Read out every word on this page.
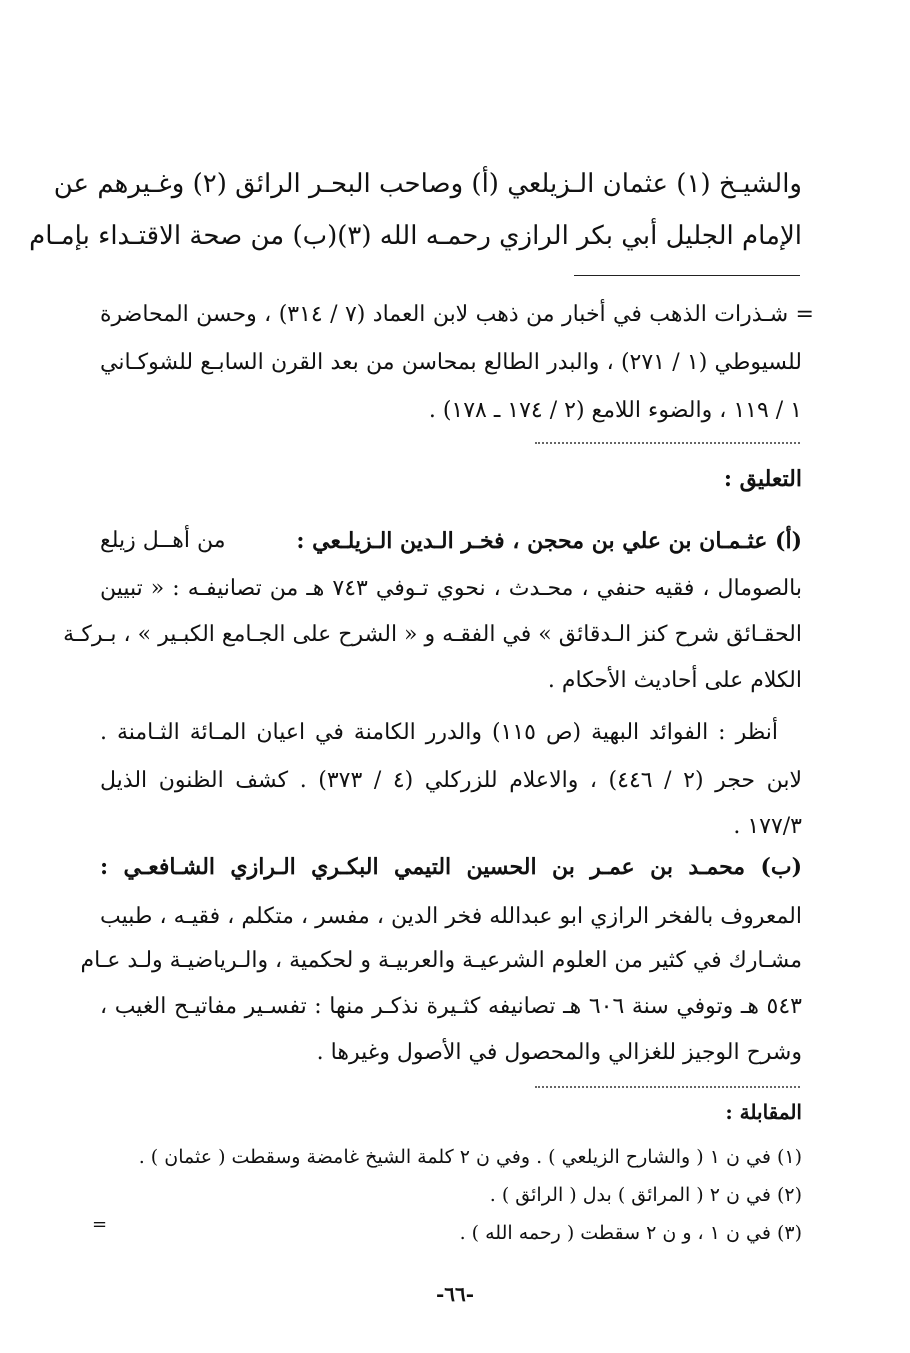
والشيـخ (١) عثمان الـزيلعي (أ) وصاحب البحـر الرائق (٢) وغـيرهم عن
الإمام الجليل أبي بكر الرازي رحمـه الله (٣)(ب) من صحة الاقتـداء بإمـام
= شـذرات الذهب في أخبار من ذهب لابن العماد (٧ / ٣١٤) ، وحسن المحاضرة
للسيوطي (١ / ٢٧١) ، والبدر الطالع بمحاسن من بعد القرن السابـع للشوكـاني
١ / ١١٩ ، والضوء اللامع (٢ / ١٧٤ ـ ١٧٨) .
التعليق :
(أ) عثـمـان بن علي بن محجن ، فخـر الـدين الـزيلـعي :
من أهــل زيلع
بالصومال ، فقيه حنفي ، محـدث ، نحوي تـوفي ٧٤٣ هـ من تصانيفـه : « تبيين
الحقـائق شرح كنز الـدقائق » في الفقـه و « الشرح على الجـامع الكبـير » ، بـركـة
الكلام على أحاديث الأحكام .
أنظر : الفوائد البهية (ص ١١٥) والدرر الكامنة في اعيان المـائة الثـامنة .
لابن حجر (٢ / ٤٤٦) ، والاعلام للزركلي (٤ / ٣٧٣) . كشف الظنون الذيل
١٧٧/٣ .
(ب) محمـد بن عمـر بن الحسين التيمي البكـري الـرازي الشـافعـي :
المعروف بالفخر الرازي ابو عبدالله فخر الدين ، مفسر ، متكلم ، فقيـه ، طبيب
مشـارك في كثير من العلوم الشرعيـة والعربيـة و لحكمية ، والـرياضيـة ولـد عـام
٥٤٣ هـ وتوفي سنة ٦٠٦ هـ تصانيفه كثـيرة نذكـر منها : تفسـير مفاتيـح الغيب ،
وشرح الوجيز للغزالي والمحصول في الأصول وغيرها .
المقابلة :
(١) في ن ١ ( والشارح الزيلعي ) . وفي ن ٢ كلمة الشيخ غامضة وسقطت ( عثمان ) .
(٢) في ن ٢ ( المرائق ) بدل ( الرائق ) .
(٣) في ن ١ ، و ن ٢ سقطت ( رحمه الله ) .
=
-٦٦-
